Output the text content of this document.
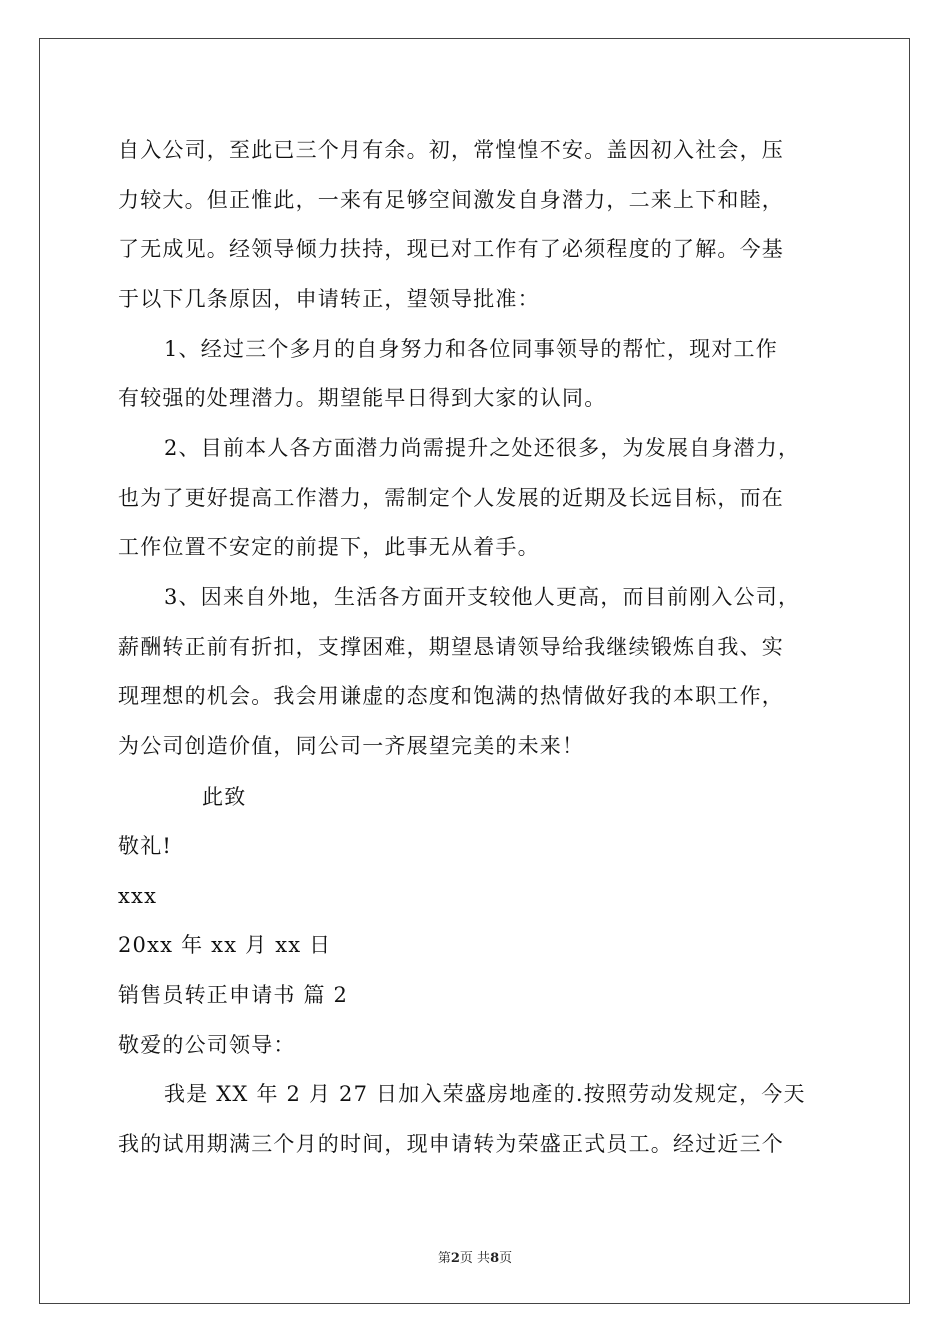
自入公司，至此已三个月有余。初，常惶惶不安。盖因初入社会，压
力较大。但正惟此，一来有足够空间激发自身潜力，二来上下和睦，
了无成见。经领导倾力扶持，现已对工作有了必须程度的了解。今基
于以下几条原因，申请转正，望领导批准：
1、经过三个多月的自身努力和各位同事领导的帮忙，现对工作
有较强的处理潜力。期望能早日得到大家的认同。
2、目前本人各方面潜力尚需提升之处还很多，为发展自身潜力，
也为了更好提高工作潜力，需制定个人发展的近期及长远目标，而在
工作位置不安定的前提下，此事无从着手。
3、因来自外地，生活各方面开支较他人更高，而目前刚入公司，
薪酬转正前有折扣，支撑困难，期望恳请领导给我继续锻炼自我、实
现理想的机会。我会用谦虚的态度和饱满的热情做好我的本职工作，
为公司创造价值，同公司一齐展望完美的未来！
此致
敬礼!
xxx
20xx 年 xx 月 xx 日
销售员转正申请书 篇 2
敬爱的公司领导：
我是 XX 年 2 月 27 日加入荣盛房地產的.按照劳动发规定，今天
我的试用期满三个月的时间，现申请转为荣盛正式员工。经过近三个
第2页 共8页
